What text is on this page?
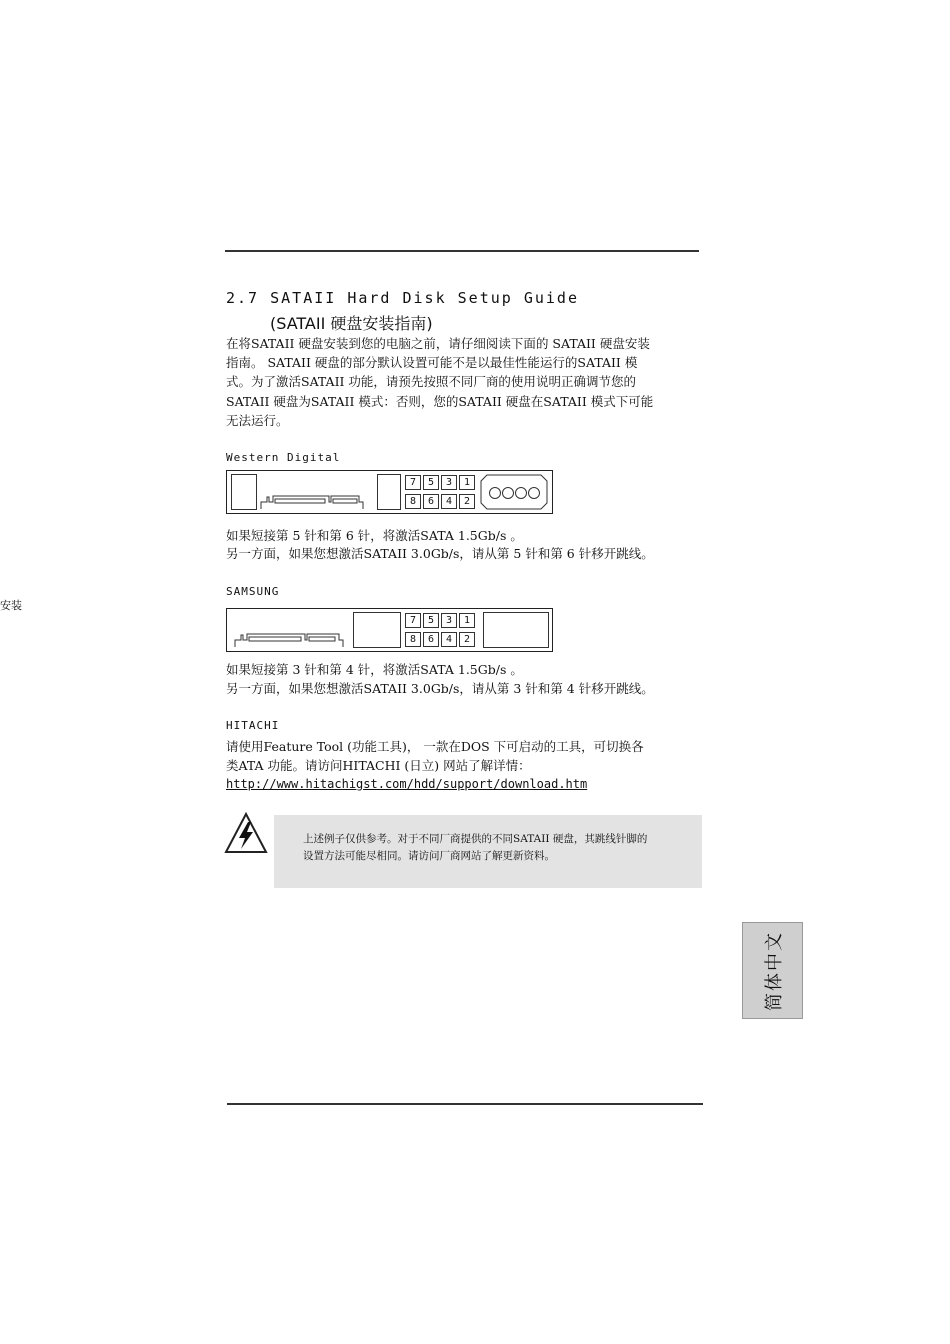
2.7 SATAII Hard Disk Setup Guide
(SATAII 硬盘安装指南)
在将SATAII 硬盘安装到您的电脑之前，请仔细阅读下面的 SATAII 硬盘安装
指南。 SATAII 硬盘的部分默认设置可能不是以最佳性能运行的SATAII 模
式。为了激活SATAII 功能，请预先按照不同厂商的使用说明正确调节您的
SATAII 硬盘为SATAII 模式：否则，您的SATAII 硬盘在SATAII 模式下可能
无法运行。
Western Digital
7	5	3	1
8	6	4	2
如果短接第 5 针和第 6 针，将激活SATA 1.5Gb/s 。
另一方面，如果您想激活SATAII 3.0Gb/s，请从第 5 针和第 6 针移开跳线。
安装
SAMSUNG
7	5	3	1
8	6	4	2
如果短接第 3 针和第 4 针，将激活SATA 1.5Gb/s 。
另一方面，如果您想激活SATAII 3.0Gb/s，请从第 3 针和第 4 针移开跳线。
HITACHI
请使用Feature Tool (功能工具)， 一款在DOS 下可启动的工具，可切换各
类ATA 功能。请访问HITACHI (日立) 网站了解详情：
http://www.hitachigst.com/hdd/support/download.htm
上述例子仅供参考。对于不同厂商提供的不同SATAII 硬盘，其跳线针脚的
设置方法可能尽相同。请访问厂商网站了解更新资料。
简体中文
